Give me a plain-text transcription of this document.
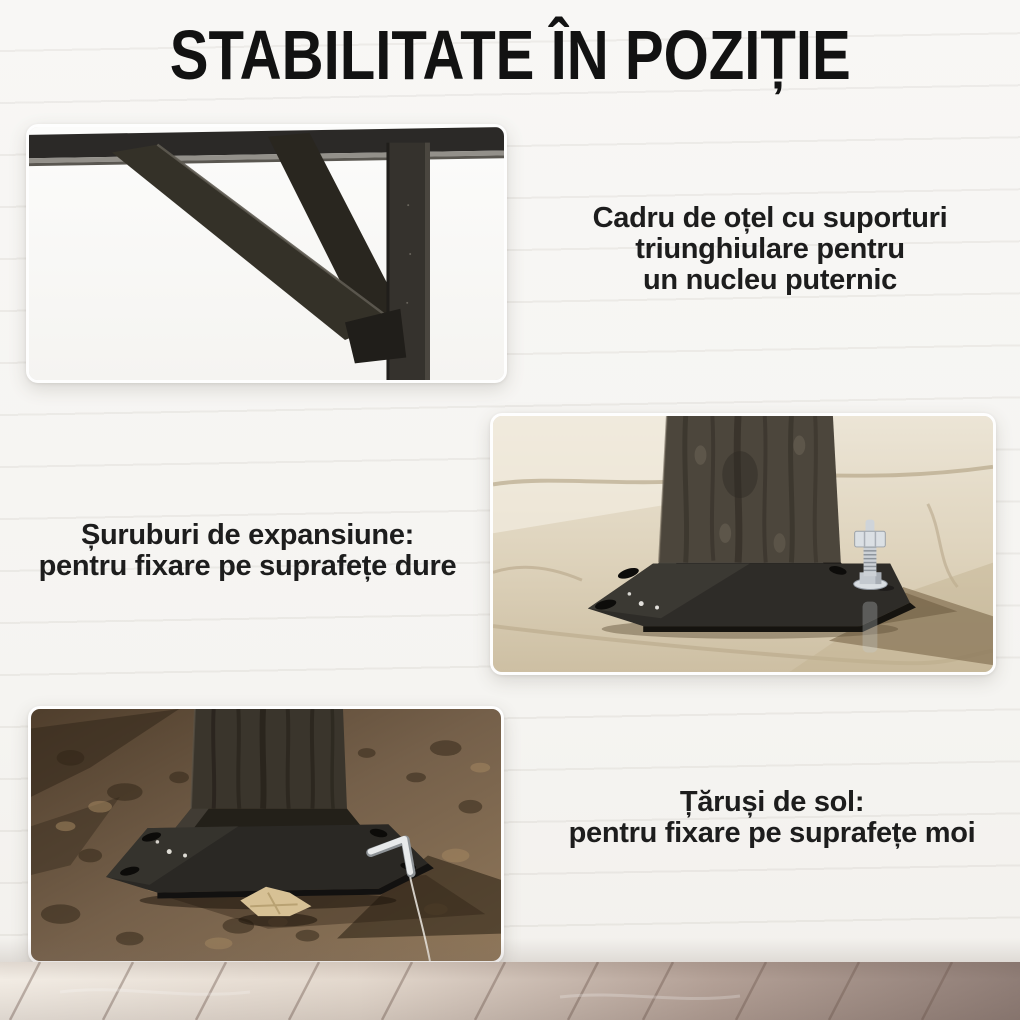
STABILITATE ÎN POZIȚIE
Cadru de oțel cu suporturi
triunghiulare pentru
un nucleu puternic
Șuruburi de expansiune:
pentru fixare pe suprafețe dure
Țăruși de sol:
pentru fixare pe suprafețe moi
